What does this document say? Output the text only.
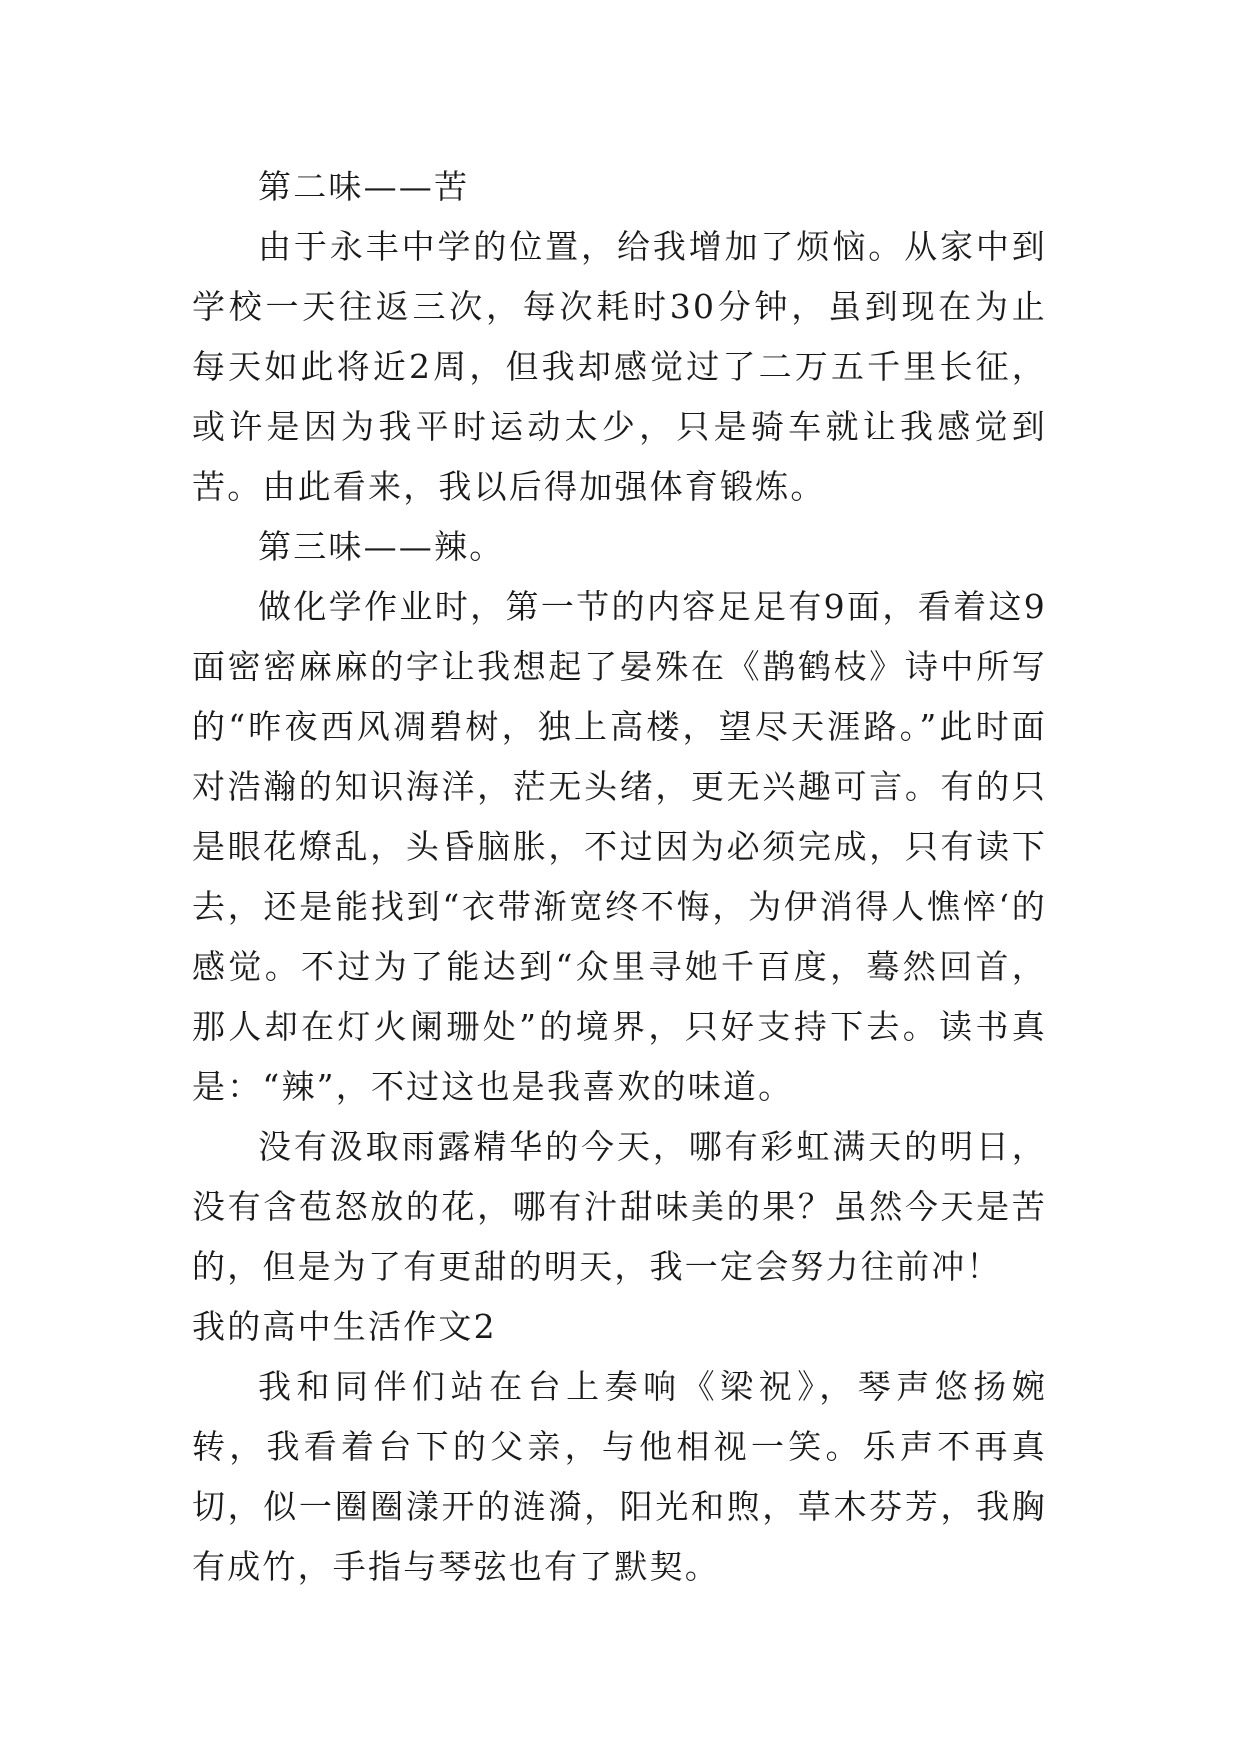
第二味——苦

由于永丰中学的位置，给我增加了烦恼。从家中到学校一天往返三次，每次耗时30分钟，虽到现在为止每天如此将近2周，但我却感觉过了二万五千里长征，或许是因为我平时运动太少，只是骑车就让我感觉到苦。由此看来，我以后得加强体育锻炼。

第三味——辣。

做化学作业时，第一节的内容足足有9面，看着这9面密密麻麻的字让我想起了晏殊在《鹊鹤枝》诗中所写的“昨夜西风凋碧树，独上高楼，望尽天涯路。”此时面对浩瀚的知识海洋，茫无头绪，更无兴趣可言。有的只是眼花燎乱，头昏脑胀，不过因为必须完成，只有读下去，还是能找到“衣带渐宽终不悔，为伊消得人憔悴‘的感觉。不过为了能达到“众里寻她千百度，蓦然回首，那人却在灯火阑珊处”的境界，只好支持下去。读书真是：“辣”，不过这也是我喜欢的味道。

没有汲取雨露精华的今天，哪有彩虹满天的明日，没有含苞怒放的花，哪有汁甜味美的果？虽然今天是苦的，但是为了有更甜的明天，我一定会努力往前冲！

我的高中生活作文2

我和同伴们站在台上奏响《梁祝》，琴声悠扬婉转，我看着台下的父亲，与他相视一笑。乐声不再真切，似一圈圈漾开的涟漪，阳光和煦，草木芬芳，我胸有成竹，手指与琴弦也有了默契。
